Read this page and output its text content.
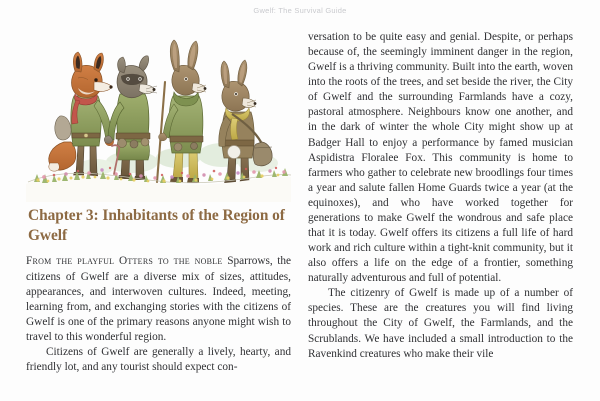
Gwelf: The Survival Guide
Chapter 3: Inhabitants of the Region of Gwelf

From the playful Otters to the noble Sparrows, the citizens of Gwelf are a diverse mix of sizes, attitudes, appearances, and interwoven cultures. Indeed, meeting, learning from, and exchanging stories with the citizens of Gwelf is one of the primary reasons anyone might wish to travel to this wonderful region.

Citizens of Gwelf are generally a lively, hearty, and friendly lot, and any tourist should expect con-

versation to be quite easy and genial. Despite, or perhaps because of, the seemingly imminent danger in the region, Gwelf is a thriving community. Built into the earth, woven into the roots of the trees, and set beside the river, the City of Gwelf and the surrounding Farmlands have a cozy, pastoral atmosphere. Neighbours know one another, and in the dark of winter the whole City might show up at Badger Hall to enjoy a performance by famed musician Aspidistra Floralee Fox. This community is home to farmers who gather to celebrate new broodlings four times a year and salute fallen Home Guards twice a year (at the equinoxes), and who have worked together for generations to make Gwelf the wondrous and safe place that it is today. Gwelf offers its citizens a full life of hard work and rich culture within a tight-knit community, but it also offers a life on the edge of a frontier, something naturally adventurous and full of potential.

The citizenry of Gwelf is made up of a number of species. These are the creatures you will find living throughout the City of Gwelf, the Farmlands, and the Scrublands. We have included a small introduction to the Ravenkind creatures who make their vile
